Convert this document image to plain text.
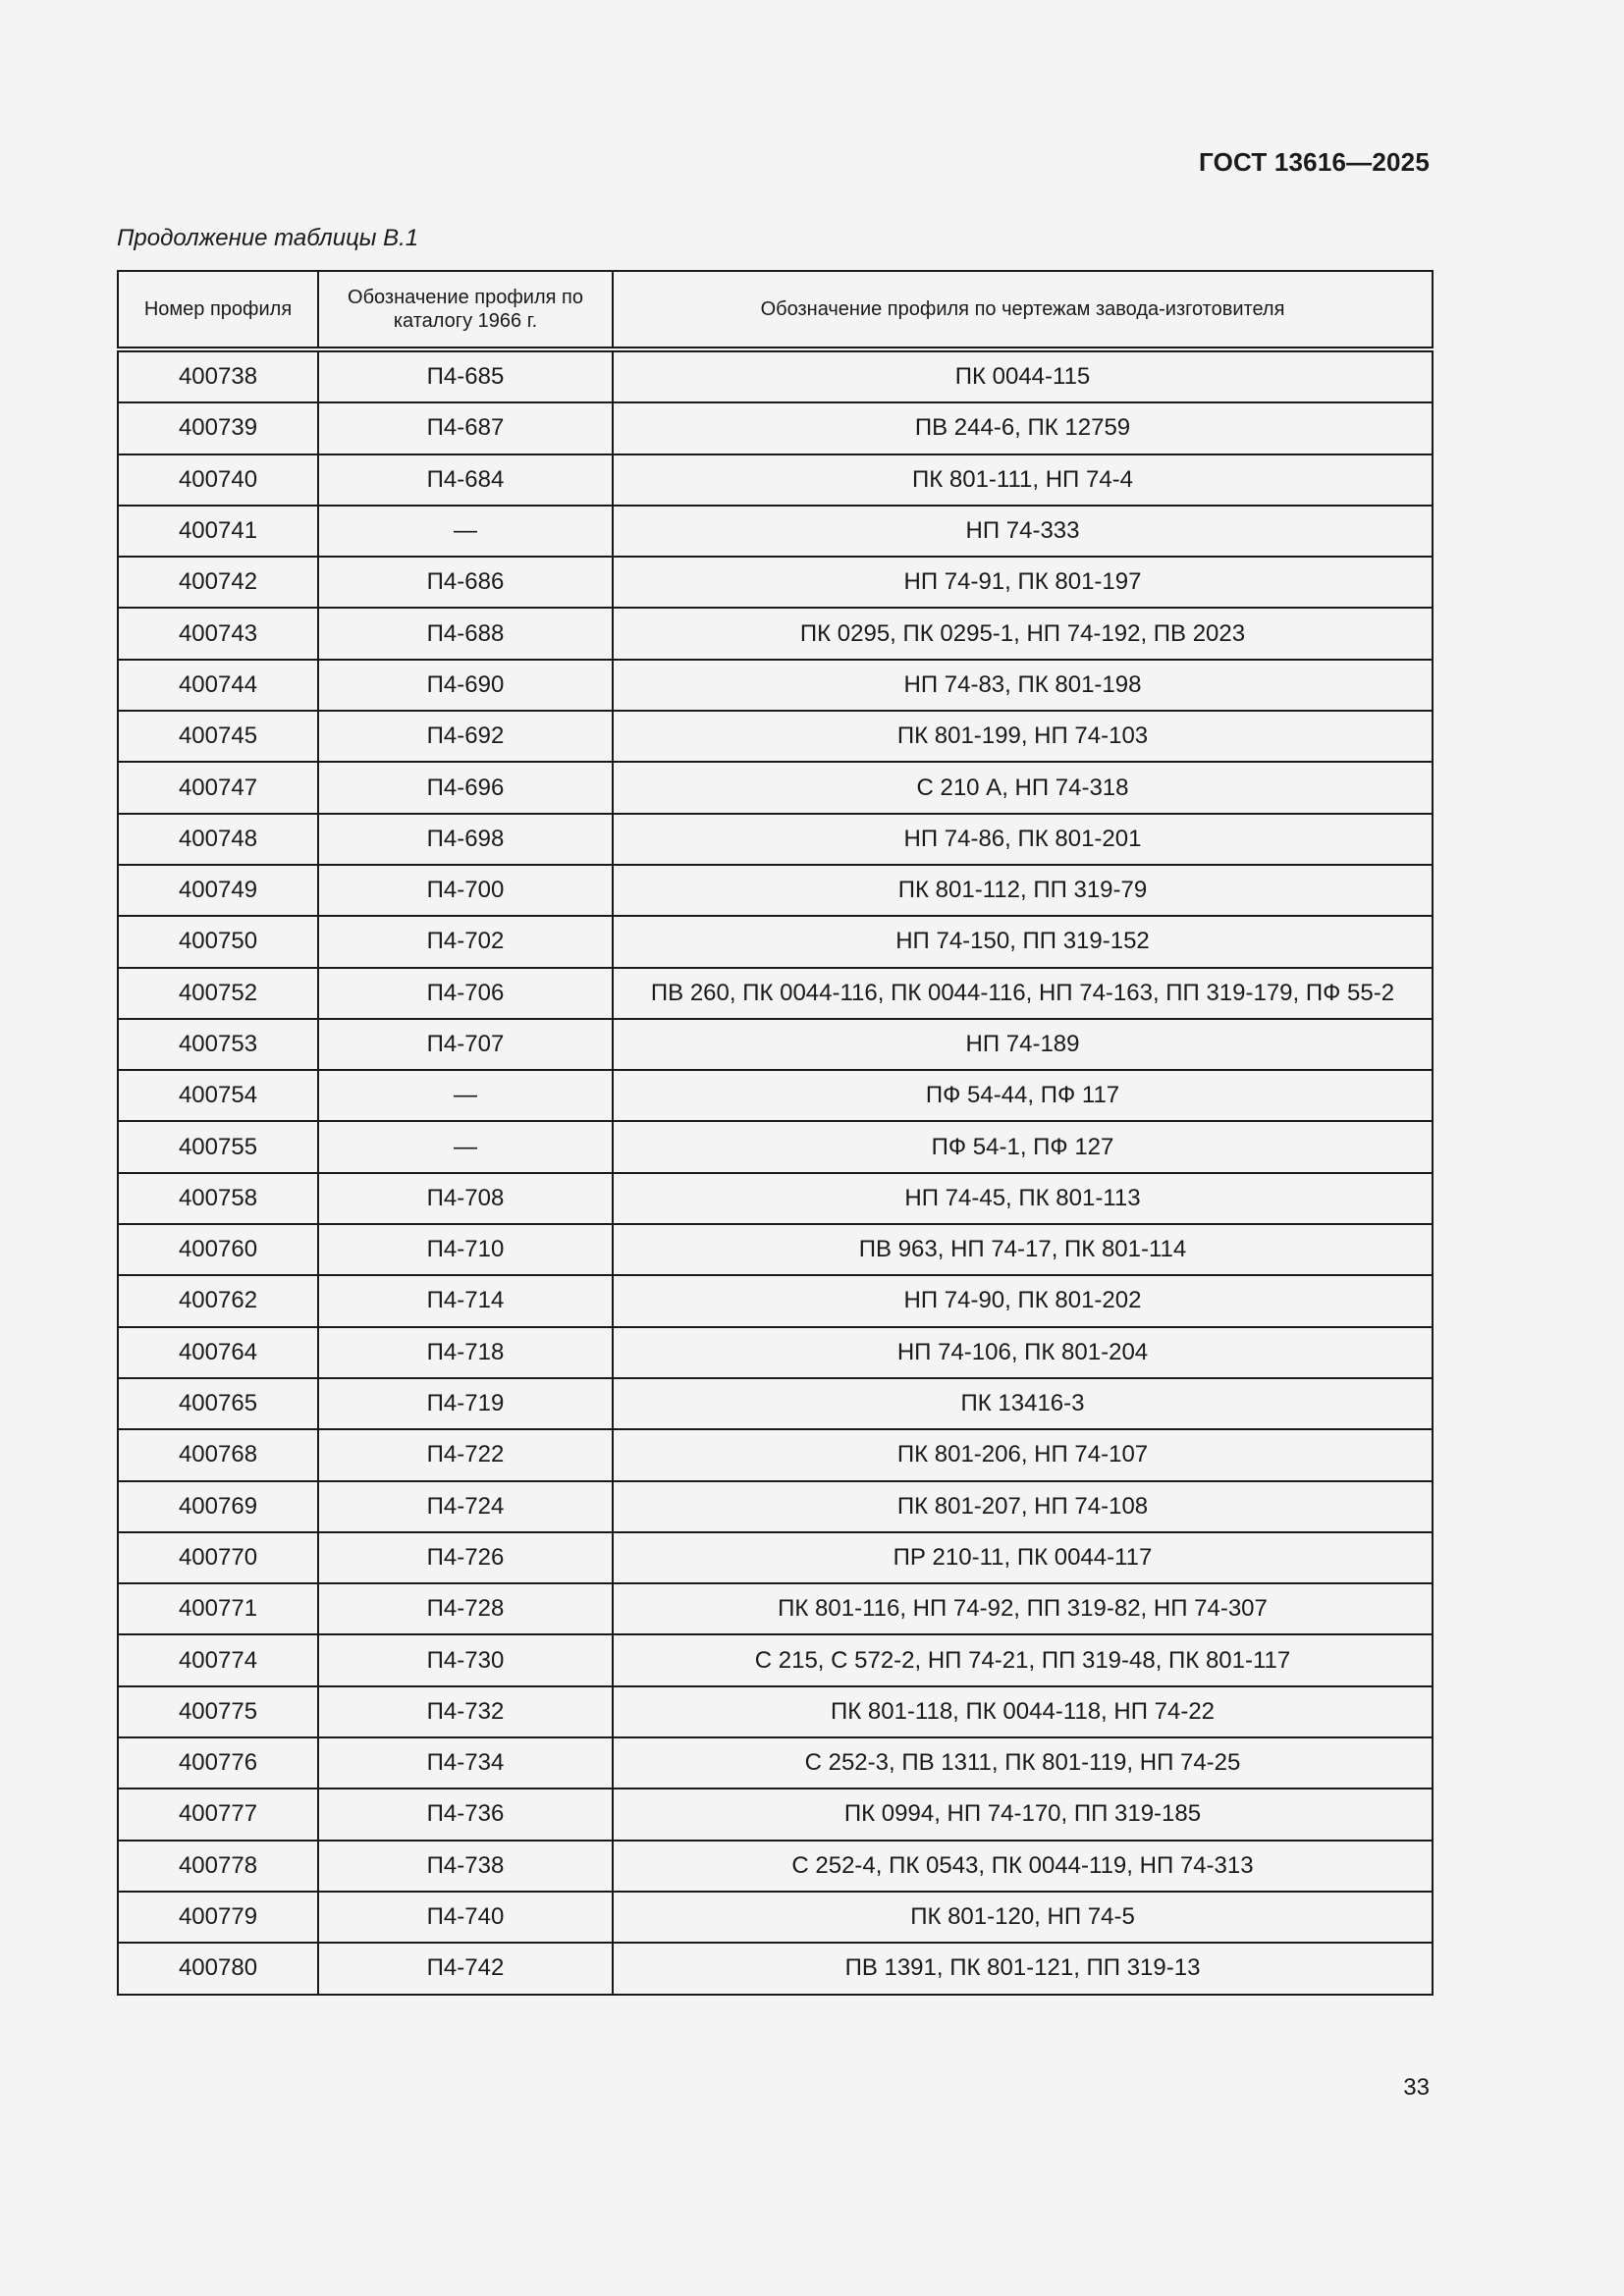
ГОСТ 13616—2025
Продолжение таблицы В.1
Номер профиля	Обозначение профиля по каталогу 1966 г.	Обозначение профиля по чертежам завода-изготовителя
400738	П4-685	ПК 0044-115
400739	П4-687	ПВ 244-6, ПК 12759
400740	П4-684	ПК 801-111, НП 74-4
400741	—	НП 74-333
400742	П4-686	НП 74-91, ПК 801-197
400743	П4-688	ПК 0295, ПК 0295-1, НП 74-192, ПВ 2023
400744	П4-690	НП 74-83, ПК 801-198
400745	П4-692	ПК 801-199, НП 74-103
400747	П4-696	С 210 А, НП 74-318
400748	П4-698	НП 74-86, ПК 801-201
400749	П4-700	ПК 801-112, ПП 319-79
400750	П4-702	НП 74-150, ПП 319-152
400752	П4-706	ПВ 260, ПК 0044-116, ПК 0044-116, НП 74-163, ПП 319-179, ПФ 55-2
400753	П4-707	НП 74-189
400754	—	ПФ 54-44, ПФ 117
400755	—	ПФ 54-1, ПФ 127
400758	П4-708	НП 74-45, ПК 801-113
400760	П4-710	ПВ 963, НП 74-17, ПК 801-114
400762	П4-714	НП 74-90, ПК 801-202
400764	П4-718	НП 74-106, ПК 801-204
400765	П4-719	ПК 13416-3
400768	П4-722	ПК 801-206, НП 74-107
400769	П4-724	ПК 801-207, НП 74-108
400770	П4-726	ПР 210-11, ПК 0044-117
400771	П4-728	ПК 801-116, НП 74-92, ПП 319-82, НП 74-307
400774	П4-730	С 215, С 572-2, НП 74-21, ПП 319-48, ПК 801-117
400775	П4-732	ПК 801-118, ПК 0044-118, НП 74-22
400776	П4-734	С 252-3, ПВ 1311, ПК 801-119, НП 74-25
400777	П4-736	ПК 0994, НП 74-170, ПП 319-185
400778	П4-738	С 252-4, ПК 0543, ПК 0044-119, НП 74-313
400779	П4-740	ПК 801-120, НП 74-5
400780	П4-742	ПВ 1391, ПК 801-121, ПП 319-13
33
